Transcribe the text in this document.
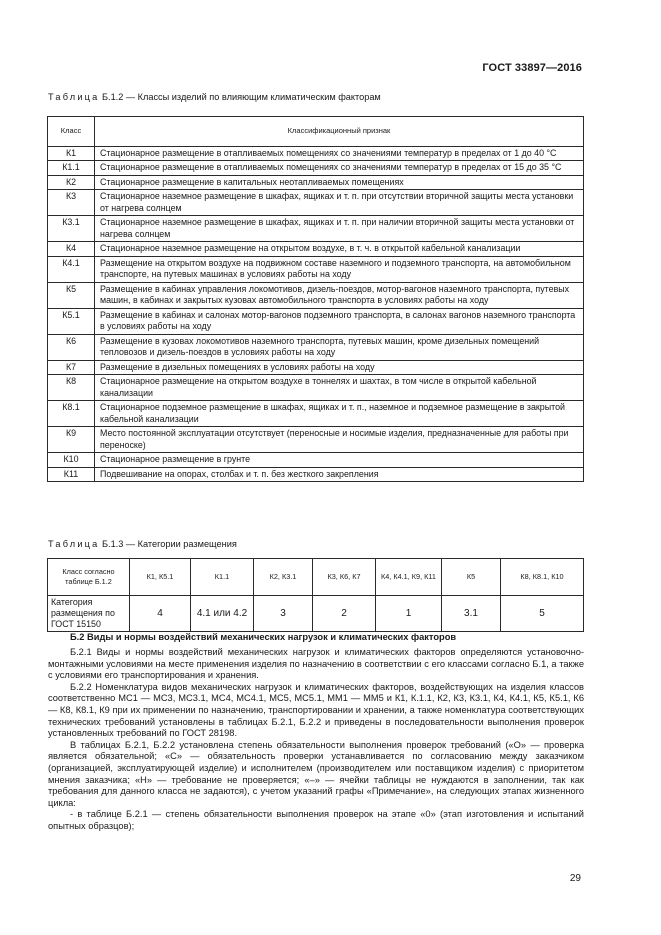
ГОСТ 33897—2016
Таблица Б.1.2 — Классы изделий по влияющим климатическим факторам
Класс	Классификационный признак
К1	Стационарное размещение в отапливаемых помещениях со значениями температур в пределах от 1 до 40 °С
К1.1	Стационарное размещение в отапливаемых помещениях со значениями температур в пределах от 15 до 35 °С
К2	Стационарное размещение в капитальных неотапливаемых помещениях
К3	Стационарное наземное размещение в шкафах, ящиках и т. п. при отсутствии вторичной защиты места установки от нагрева солнцем
К3.1	Стационарное наземное размещение в шкафах, ящиках и т. п. при наличии вторичной защиты места установки от нагрева солнцем
К4	Стационарное наземное размещение на открытом воздухе, в т. ч. в открытой кабельной канализации
К4.1	Размещение на открытом воздухе на подвижном составе наземного и подземного транспорта, на автомобильном транспорте, на путевых машинах в условиях работы на ходу
К5	Размещение в кабинах управления локомотивов, дизель-поездов, мотор-вагонов наземного транспорта, путевых машин, в кабинах и закрытых кузовах автомобильного транспорта в условиях работы на ходу
К5.1	Размещение в кабинах и салонах мотор-вагонов подземного транспорта, в салонах вагонов наземного транспорта в условиях работы на ходу
К6	Размещение в кузовах локомотивов наземного транспорта, путевых машин, кроме дизельных помещений тепловозов и дизель-поездов в условиях работы на ходу
К7	Размещение в дизельных помещениях в условиях работы на ходу
К8	Стационарное размещение на открытом воздухе в тоннелях и шахтах, в том числе в открытой кабельной канализации
К8.1	Стационарное подземное размещение в шкафах, ящиках и т. п., наземное и подземное размещение в закрытой кабельной канализации
К9	Место постоянной эксплуатации отсутствует (переносные и носимые изделия, предназначенные для работы при переноске)
К10	Стационарное размещение в грунте
К11	Подвешивание на опорах, столбах и т. п. без жесткого закрепления
Таблица Б.1.3 — Категории размещения
Класс согласно таблице Б.1.2	К1, К5.1	К1.1	К2, К3.1	К3, К6, К7	К4, К4.1, К9, К11	К5	К8, К8.1, К10
Категория размещения по ГОСТ 15150	4	4.1 или 4.2	3	2	1	3.1	5
Б.2 Виды и нормы воздействий механических нагрузок и климатических факторов

Б.2.1 Виды и нормы воздействий механических нагрузок и климатических факторов определяются установочно-монтажными условиями на месте применения изделия по назначению в соответствии с его классами согласно Б.1, а также с условиями его транспортирования и хранения.

Б.2.2 Номенклатура видов механических нагрузок и климатических факторов, воздействующих на изделия классов соответственно МС1 — МС3, МС3.1, МС4, МС4.1, МС5, МС5.1, ММ1 — ММ5 и К1, К.1.1, К2, К3, К3.1, К4, К4.1, К5, К5.1, К6 — К8, К8.1, К9 при их применении по назначению, транспортировании и хранении, а также номенклатура соответствующих технических требований установлены в таблицах Б.2.1, Б.2.2 и приведены в последовательности выполнения проверок установленных требований по ГОСТ 28198.

В таблицах Б.2.1, Б.2.2 установлена степень обязательности выполнения проверок требований («О» — проверка является обязательной; «С» — обязательность проверки устанавливается по согласованию между заказчиком (организацией, эксплуатирующей изделие) и исполнителем (производителем или поставщиком изделия) с приоритетом мнения заказчика; «Н» — требование не проверяется; «–» — ячейки таблицы не нуждаются в заполнении, так как требования для данного класса не задаются), с учетом указаний графы «Примечание», на следующих этапах жизненного цикла:

- в таблице Б.2.1 — степень обязательности выполнения проверок на этапе «0» (этап изготовления и испытаний опытных образцов);

29
